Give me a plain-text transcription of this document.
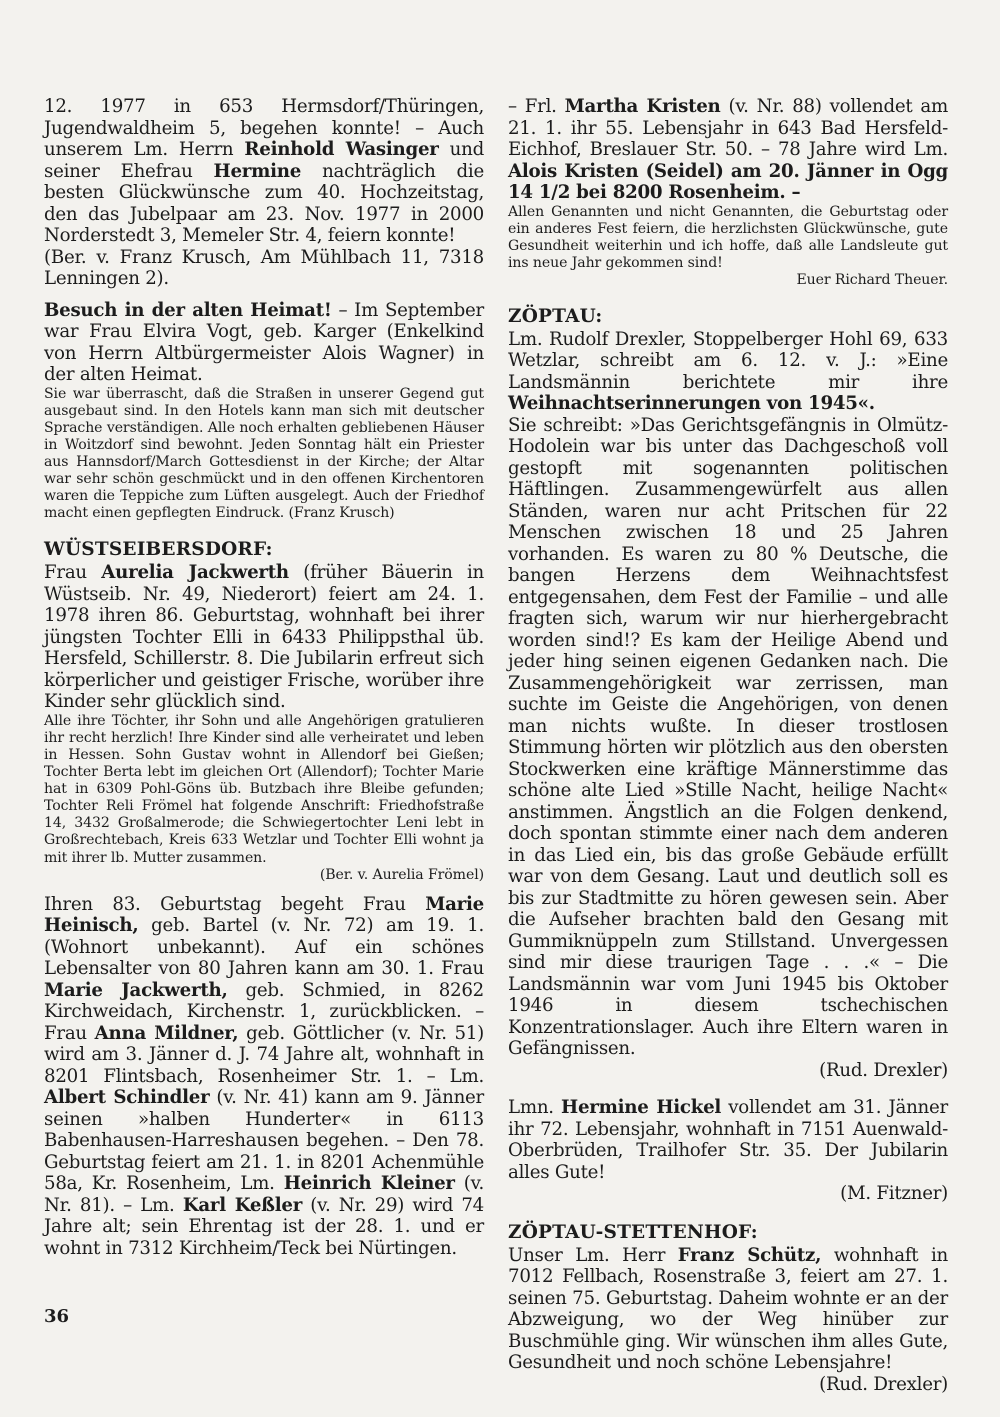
12. 1977 in 653 Hermsdorf/Thüringen, Jugendwaldheim 5, begehen konnte! – Auch unserem Lm. Herrn Reinhold Wasinger und seiner Ehefrau Hermine nachträglich die besten Glückwünsche zum 40. Hochzeitstag, den das Jubelpaar am 23. Nov. 1977 in 2000 Norderstedt 3, Memeler Str. 4, feiern konnte!

(Ber. v. Franz Krusch, Am Mühlbach 11, 7318 Lenningen 2).

Besuch in der alten Heimat! – Im September war Frau Elvira Vogt, geb. Karger (Enkelkind von Herrn Altbürgermeister Alois Wagner) in der alten Heimat.

Sie war überrascht, daß die Straßen in unserer Gegend gut ausgebaut sind. In den Hotels kann man sich mit deutscher Sprache verständigen. Alle noch erhalten gebliebenen Häuser in Woitzdorf sind bewohnt. Jeden Sonntag hält ein Priester aus Hannsdorf/March Gottesdienst in der Kirche; der Altar war sehr schön geschmückt und in den offenen Kirchentoren waren die Teppiche zum Lüften ausgelegt. Auch der Friedhof macht einen gepflegten Eindruck. (Franz Krusch)

WÜSTSEIBERSDORF:

Frau Aurelia Jackwerth (früher Bäuerin in Wüstseib. Nr. 49, Niederort) feiert am 24. 1. 1978 ihren 86. Geburtstag, wohnhaft bei ihrer jüngsten Tochter Elli in 6433 Philippsthal üb. Hersfeld, Schillerstr. 8. Die Jubilarin erfreut sich körperlicher und geistiger Frische, worüber ihre Kinder sehr glücklich sind.

Alle ihre Töchter, ihr Sohn und alle Angehörigen gratulieren ihr recht herzlich! Ihre Kinder sind alle verheiratet und leben in Hessen. Sohn Gustav wohnt in Allendorf bei Gießen; Tochter Berta lebt im gleichen Ort (Allendorf); Tochter Marie hat in 6309 Pohl-Göns üb. Butzbach ihre Bleibe gefunden; Tochter Reli Frömel hat folgende Anschrift: Friedhofstraße 14, 3432 Großalmerode; die Schwiegertochter Leni lebt in Großrechtebach, Kreis 633 Wetzlar und Tochter Elli wohnt ja mit ihrer lb. Mutter zusammen.

(Ber. v. Aurelia Frömel)

Ihren 83. Geburtstag begeht Frau Marie Heinisch, geb. Bartel (v. Nr. 72) am 19. 1. (Wohnort unbekannt). Auf ein schönes Lebensalter von 80 Jahren kann am 30. 1. Frau Marie Jackwerth, geb. Schmied, in 8262 Kirchweidach, Kirchenstr. 1, zurückblicken. – Frau Anna Mildner, geb. Göttlicher (v. Nr. 51) wird am 3. Jänner d. J. 74 Jahre alt, wohnhaft in 8201 Flintsbach, Rosenheimer Str. 1. – Lm. Albert Schindler (v. Nr. 41) kann am 9. Jänner seinen »halben Hunderter« in 6113 Babenhausen-Harreshausen begehen. – Den 78. Geburtstag feiert am 21. 1. in 8201 Achenmühle 58a, Kr. Rosenheim, Lm. Heinrich Kleiner (v. Nr. 81). – Lm. Karl Keßler (v. Nr. 29) wird 74 Jahre alt; sein Ehrentag ist der 28. 1. und er wohnt in 7312 Kirchheim/Teck bei Nürtingen.

– Frl. Martha Kristen (v. Nr. 88) vollendet am 21. 1. ihr 55. Lebensjahr in 643 Bad Hersfeld-Eichhof, Breslauer Str. 50. – 78 Jahre wird Lm. Alois Kristen (Seidel) am 20. Jänner in Ogg 14 1/2 bei 8200 Rosenheim. –

Allen Genannten und nicht Genannten, die Geburtstag oder ein anderes Fest feiern, die herzlichsten Glückwünsche, gute Gesundheit weiterhin und ich hoffe, daß alle Landsleute gut ins neue Jahr gekommen sind!

Euer Richard Theuer.

ZÖPTAU:

Lm. Rudolf Drexler, Stoppelberger Hohl 69, 633 Wetzlar, schreibt am 6. 12. v. J.: »Eine Landsmännin berichtete mir ihre Weihnachtserinnerungen von 1945«.

Sie schreibt: »Das Gerichtsgefängnis in Olmütz-Hodolein war bis unter das Dachgeschoß voll gestopft mit sogenannten politischen Häftlingen. Zusammengewürfelt aus allen Ständen, waren nur acht Pritschen für 22 Menschen zwischen 18 und 25 Jahren vorhanden. Es waren zu 80 % Deutsche, die bangen Herzens dem Weihnachtsfest entgegensahen, dem Fest der Familie – und alle fragten sich, warum wir nur hierhergebracht worden sind!? Es kam der Heilige Abend und jeder hing seinen eigenen Gedanken nach. Die Zusammengehörigkeit war zerrissen, man suchte im Geiste die Angehörigen, von denen man nichts wußte. In dieser trostlosen Stimmung hörten wir plötzlich aus den obersten Stockwerken eine kräftige Männerstimme das schöne alte Lied »Stille Nacht, heilige Nacht« anstimmen. Ängstlich an die Folgen denkend, doch spontan stimmte einer nach dem anderen in das Lied ein, bis das große Gebäude erfüllt war von dem Gesang. Laut und deutlich soll es bis zur Stadtmitte zu hören gewesen sein. Aber die Aufseher brachten bald den Gesang mit Gummiknüppeln zum Stillstand. Unvergessen sind mir diese traurigen Tage . . .« – Die Landsmännin war vom Juni 1945 bis Oktober 1946 in diesem tschechischen Konzentrationslager. Auch ihre Eltern waren in Gefängnissen.

(Rud. Drexler)

Lmn. Hermine Hickel vollendet am 31. Jänner ihr 72. Lebensjahr, wohnhaft in 7151 Auenwald-Oberbrüden, Trailhofer Str. 35. Der Jubilarin alles Gute!

(M. Fitzner)

ZÖPTAU-STETTENHOF:

Unser Lm. Herr Franz Schütz, wohnhaft in 7012 Fellbach, Rosenstraße 3, feiert am 27. 1. seinen 75. Geburtstag. Daheim wohnte er an der Abzweigung, wo der Weg hinüber zur Buschmühle ging. Wir wünschen ihm alles Gute, Gesundheit und noch schöne Lebensjahre!

(Rud. Drexler)

36
